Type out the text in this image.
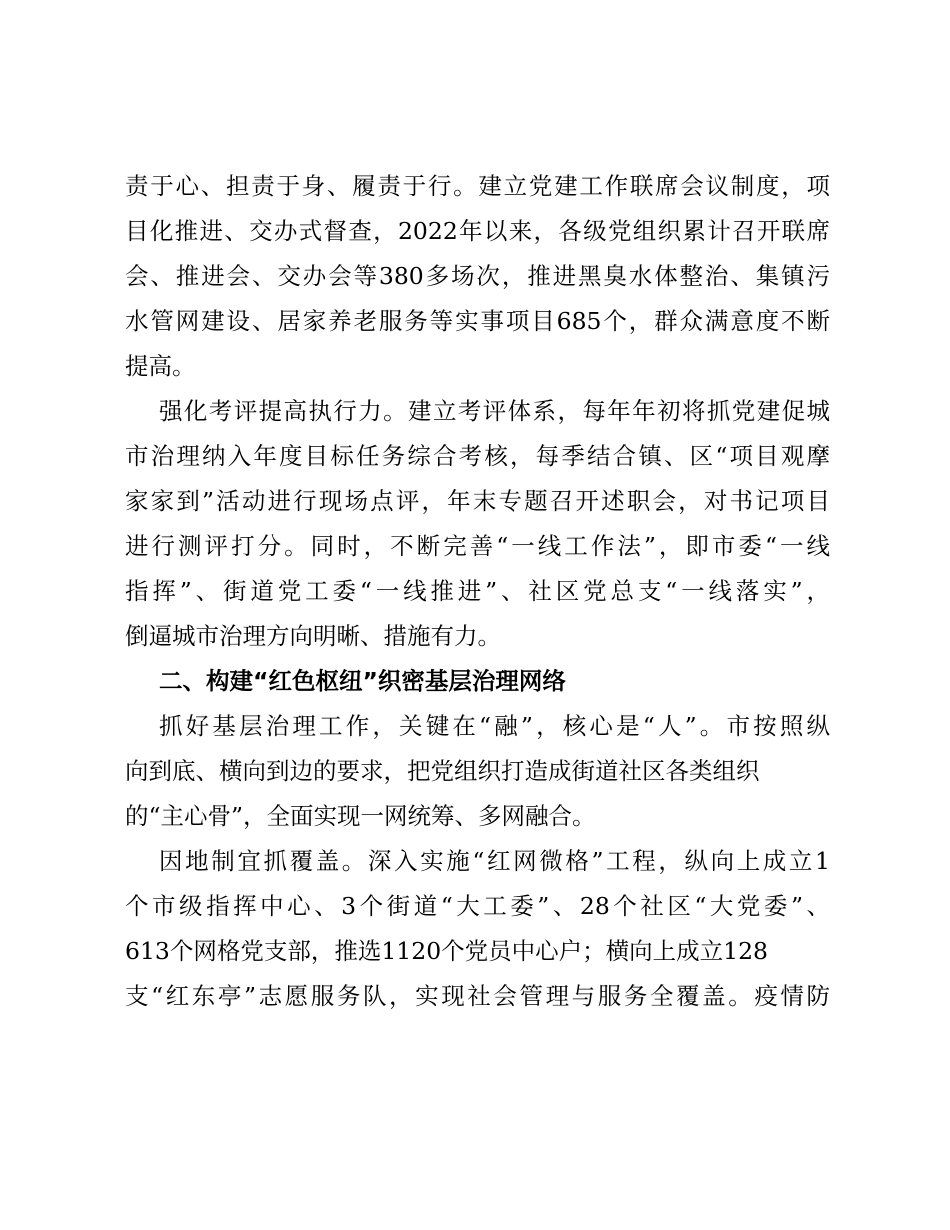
责于心、担责于身、履责于行。建立党建工作联席会议制度，项
目化推进、交办式督查，2022年以来，各级党组织累计召开联席
会、推进会、交办会等380多场次，推进黑臭水体整治、集镇污
水管网建设、居家养老服务等实事项目685个，群众满意度不断
提高。
强化考评提高执行力。建立考评体系，每年年初将抓党建促城
市治理纳入年度目标任务综合考核，每季结合镇、区“项目观摩
家家到”活动进行现场点评，年末专题召开述职会，对书记项目
进行测评打分。同时，不断完善“一线工作法”，即市委“一线
指挥”、街道党工委“一线推进”、社区党总支“一线落实”，
倒逼城市治理方向明晰、措施有力。
二、构建“红色枢纽”织密基层治理网络
抓好基层治理工作，关键在“融”，核心是“人”。市按照纵
向到底、横向到边的要求，把党组织打造成街道社区各类组织
的“主心骨”，全面实现一网统筹、多网融合。
因地制宜抓覆盖。深入实施“红网微格”工程，纵向上成立1
个市级指挥中心、3个街道“大工委”、28个社区“大党委”、
613个网格党支部，推选1120个党员中心户；横向上成立128
支“红东亭”志愿服务队，实现社会管理与服务全覆盖。疫情防
